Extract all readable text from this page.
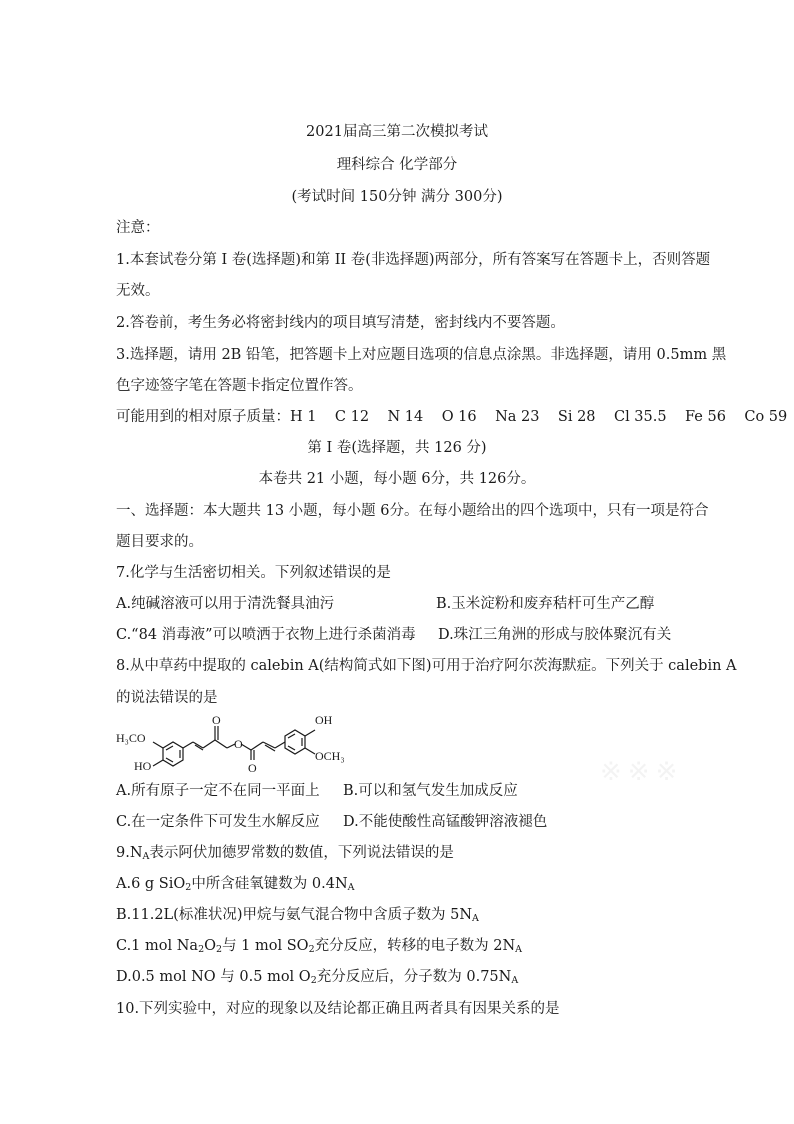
2021届高三第二次模拟考试
理科综合 化学部分
(考试时间 150分钟 满分 300分)
注意：
1.本套试卷分第 I 卷(选择题)和第 II 卷(非选择题)两部分，所有答案写在答题卡上，否则答题
无效。
2.答卷前，考生务必将密封线内的项目填写清楚，密封线内不要答题。
3.选择题，请用 2B 铅笔，把答题卡上对应题目选项的信息点涂黑。非选择题，请用 0.5mm 黑
色字迹签字笔在答题卡指定位置作答。
可能用到的相对原子质量：H 1    C 12    N 14    O 16    Na 23    Si 28    Cl 35.5    Fe 56    Co 59
第 I 卷(选择题，共 126 分)
本卷共 21 小题，每小题 6分，共 126分。
一、选择题：本大题共 13 小题，每小题 6分。在每小题给出的四个选项中，只有一项是符合
题目要求的。
7.化学与生活密切相关。下列叙述错误的是
A.纯碱溶液可以用于清洗餐具油污	B.玉米淀粉和废弃秸杆可生产乙醇
C.“84 消毒液”可以喷洒于衣物上进行杀菌消毒 D.珠江三角洲的形成与胶体聚沉有关
8.从中草药中提取的 calebin A(结构简式如下图)可用于治疗阿尔茨海默症。下列关于 calebin A
的说法错误的是
H₃CO
HO
O
O
O
OH
OCH₃	※※※
A.所有原子一定不在同一平面上 B.可以和氢气发生加成反应
C.在一定条件下可发生水解反应 D.不能使酸性高锰酸钾溶液褪色
$9.N_A$表示阿伏加德罗常数的数值，下列说法错误的是
A.6 g SiO$_2$中所含硅氧键数为 $0.4N_A$
B.11.2L(标准状况)甲烷与氨气混合物中含质子数为 $5N_A$
C.1 mol $Na_2O_2$与 1 mol $SO_2$充分反应，转移的电子数为 $2N_A$
D.0.5 mol NO 与 0.5 mol $O_2$充分反应后，分子数为 $0.75N_A$
10.下列实验中，对应的现象以及结论都正确且两者具有因果关系的是
